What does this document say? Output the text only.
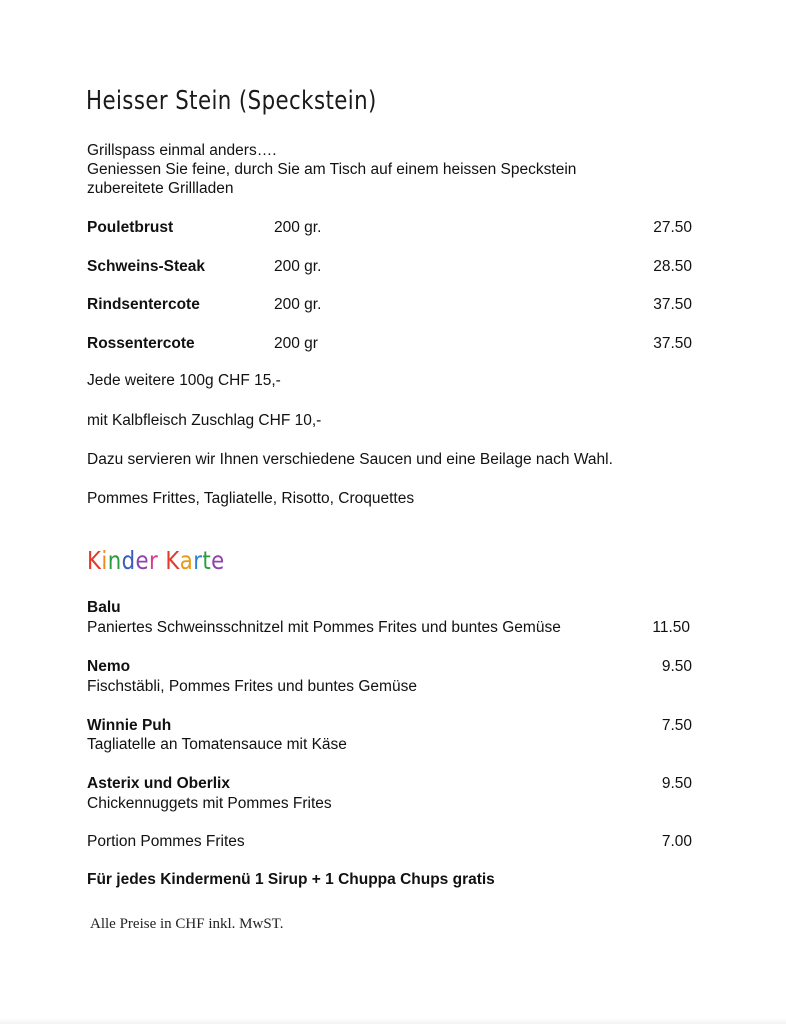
Heisser Stein (Speckstein)
Grillspass einmal anders….
Geniessen Sie feine, durch Sie am Tisch auf einem heissen Speckstein
zubereitete Grillladen
Pouletbrust	200 gr.	27.50
Schweins-Steak	200 gr.	28.50
Rindsentercote	200 gr.	37.50
Rossentercote	200 gr	37.50
Jede weitere 100g CHF 15,-
mit Kalbfleisch Zuschlag CHF 10,-
Dazu servieren wir Ihnen verschiedene Saucen und eine Beilage nach Wahl.
Pommes Frittes, Tagliatelle, Risotto, Croquettes
Kinder Karte
Balu
Paniertes Schweinsschnitzel mit Pommes Frites und buntes Gemüse	11.50
Nemo	9.50
Fischstäbli, Pommes Frites und buntes Gemüse
Winnie Puh	7.50
Tagliatelle an Tomatensauce mit Käse
Asterix und Oberlix	9.50
Chickennuggets mit Pommes Frites
Portion Pommes Frites	7.00
Für jedes Kindermenü 1 Sirup + 1 Chuppa Chups gratis
Alle Preise in CHF inkl. MwST.
